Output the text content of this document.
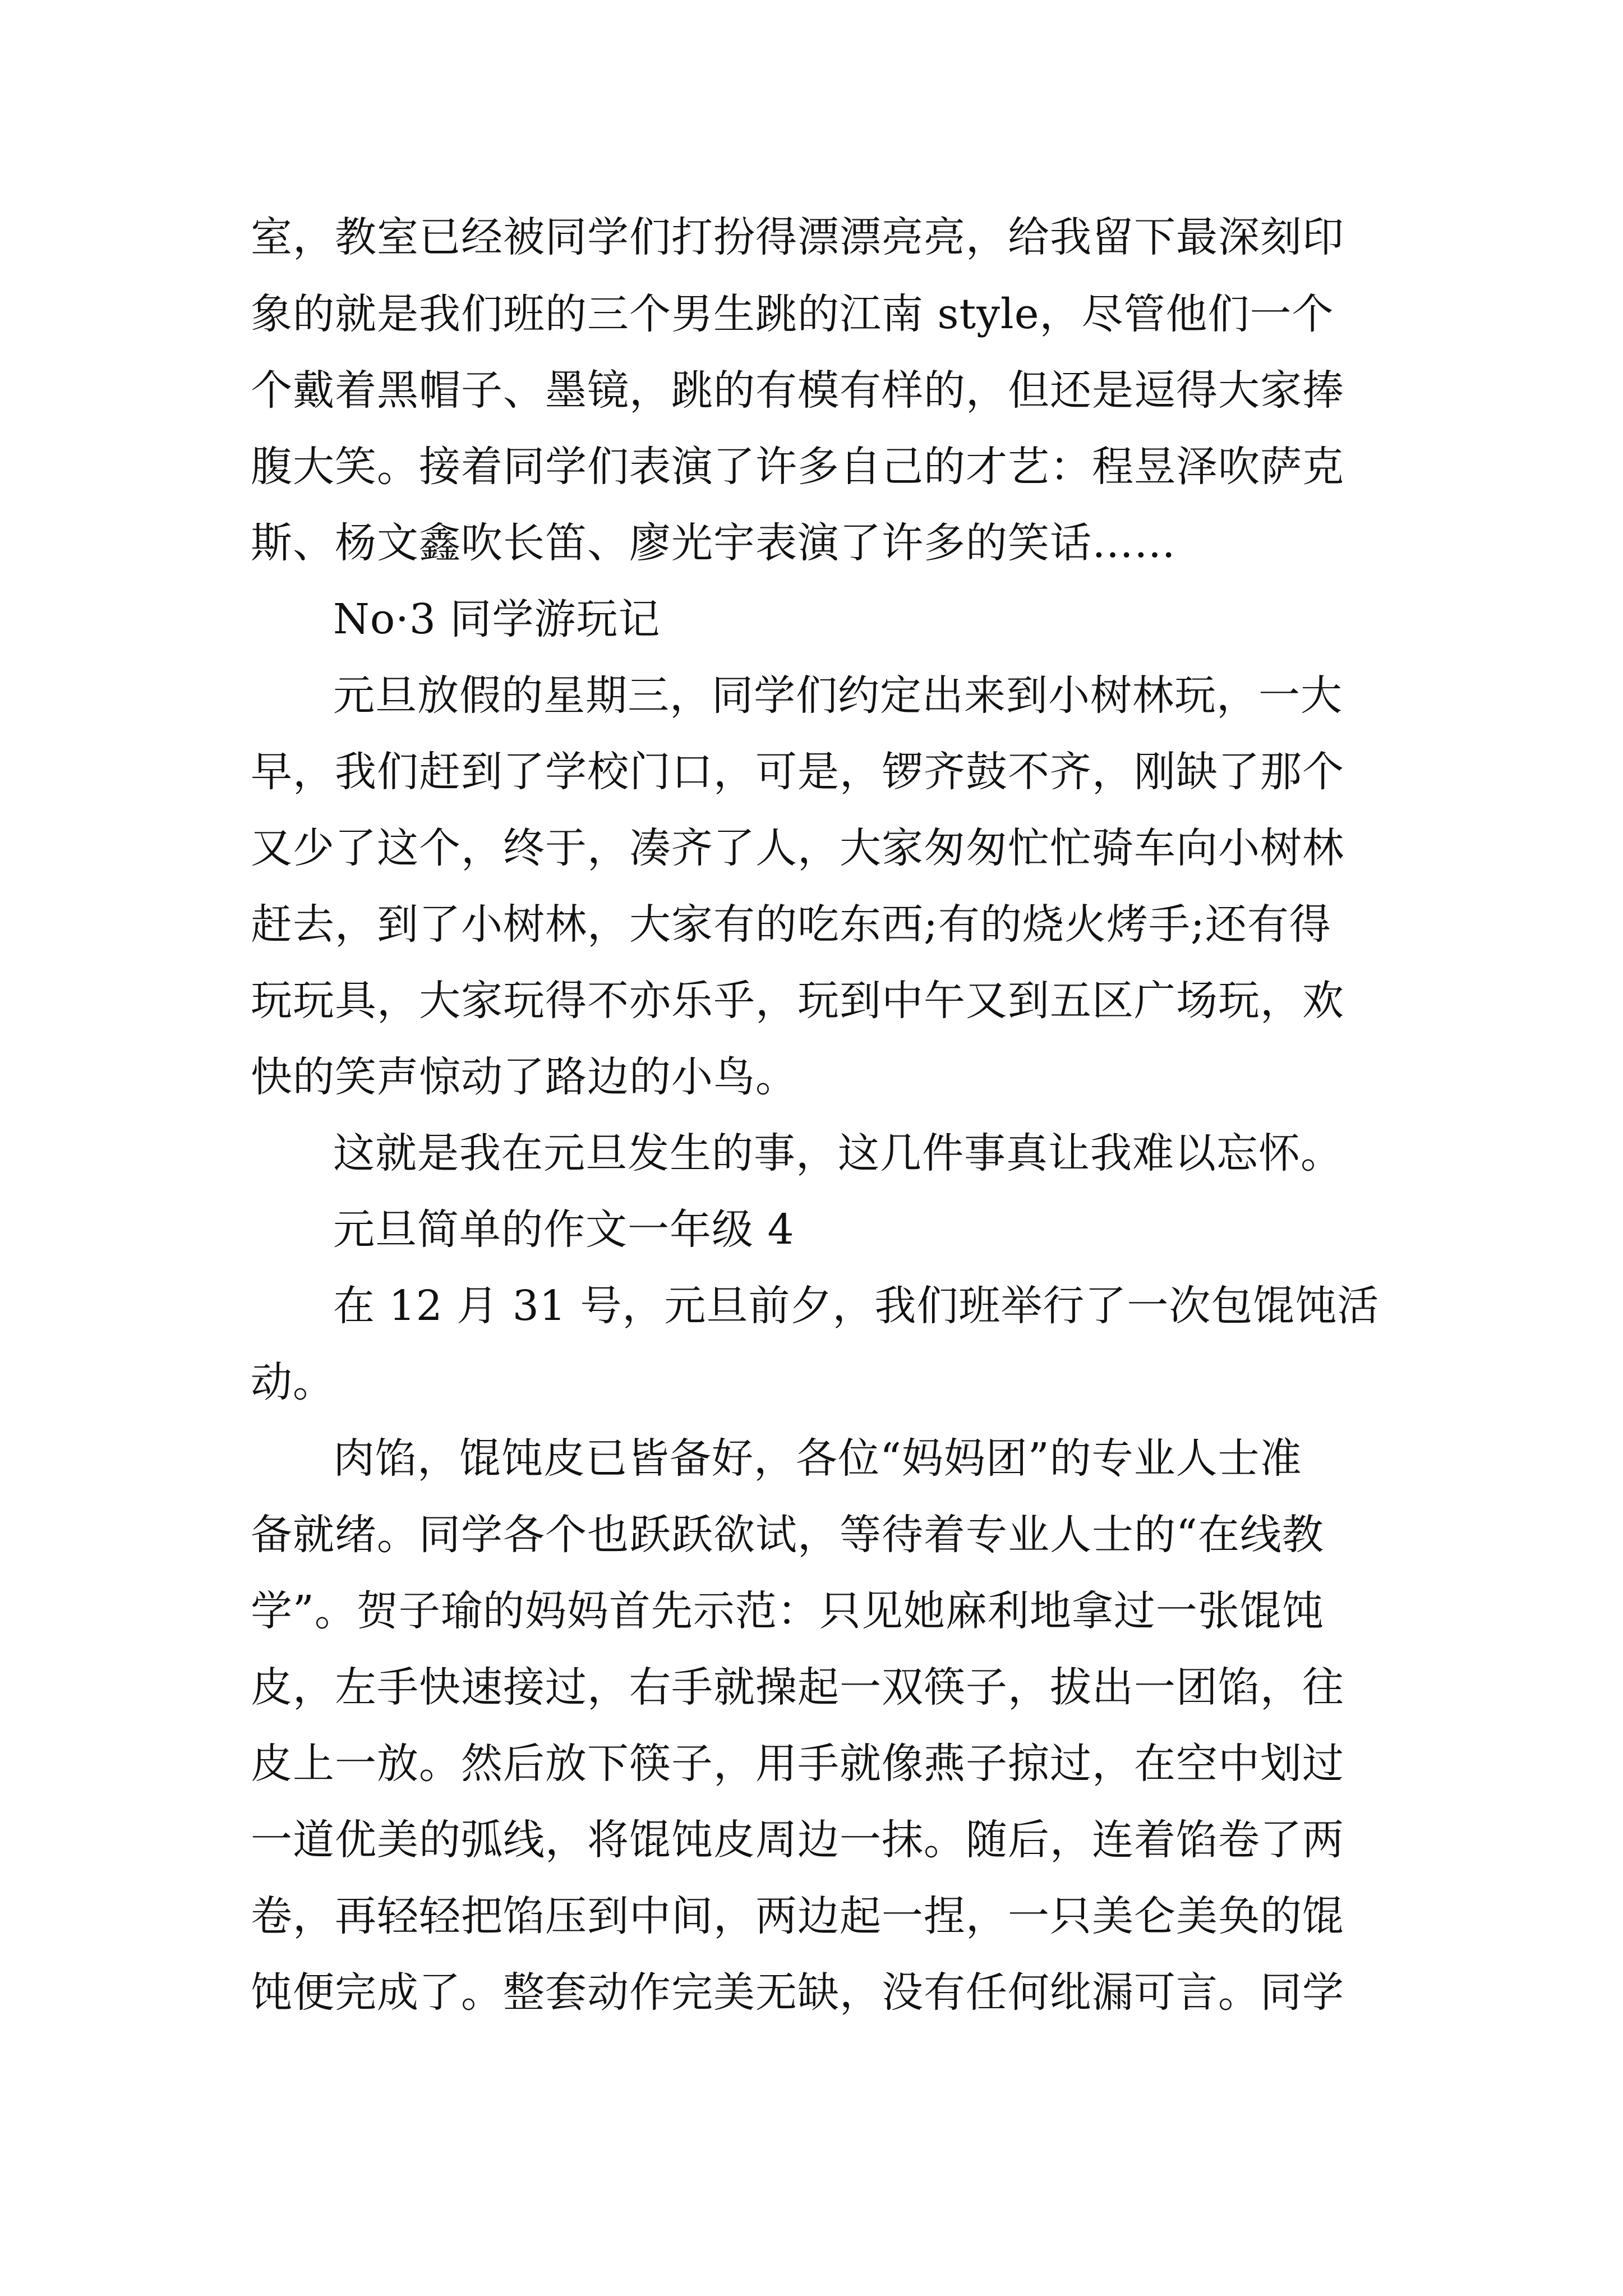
室，教室已经被同学们打扮得漂漂亮亮，给我留下最深刻印
象的就是我们班的三个男生跳的江南 style，尽管他们一个
个戴着黑帽子、墨镜，跳的有模有样的，但还是逗得大家捧
腹大笑。接着同学们表演了许多自己的才艺：程昱泽吹萨克
斯、杨文鑫吹长笛、廖光宇表演了许多的笑话……
No·3 同学游玩记
元旦放假的星期三，同学们约定出来到小树林玩，一大
早，我们赶到了学校门口，可是，锣齐鼓不齐，刚缺了那个
又少了这个，终于，凑齐了人，大家匆匆忙忙骑车向小树林
赶去，到了小树林，大家有的吃东西;有的烧火烤手;还有得
玩玩具，大家玩得不亦乐乎，玩到中午又到五区广场玩，欢
快的笑声惊动了路边的小鸟。
这就是我在元旦发生的事，这几件事真让我难以忘怀。
元旦简单的作文一年级 4
在 12 月 31 号，元旦前夕，我们班举行了一次包馄饨活
动。
肉馅，馄饨皮已皆备好，各位“妈妈团”的专业人士准
备就绪。同学各个也跃跃欲试，等待着专业人士的“在线教
学”。贺子瑜的妈妈首先示范：只见她麻利地拿过一张馄饨
皮，左手快速接过，右手就操起一双筷子，拔出一团馅，往
皮上一放。然后放下筷子，用手就像燕子掠过，在空中划过
一道优美的弧线，将馄饨皮周边一抹。随后，连着馅卷了两
卷，再轻轻把馅压到中间，两边起一捏，一只美仑美奂的馄
饨便完成了。整套动作完美无缺，没有任何纰漏可言。同学
